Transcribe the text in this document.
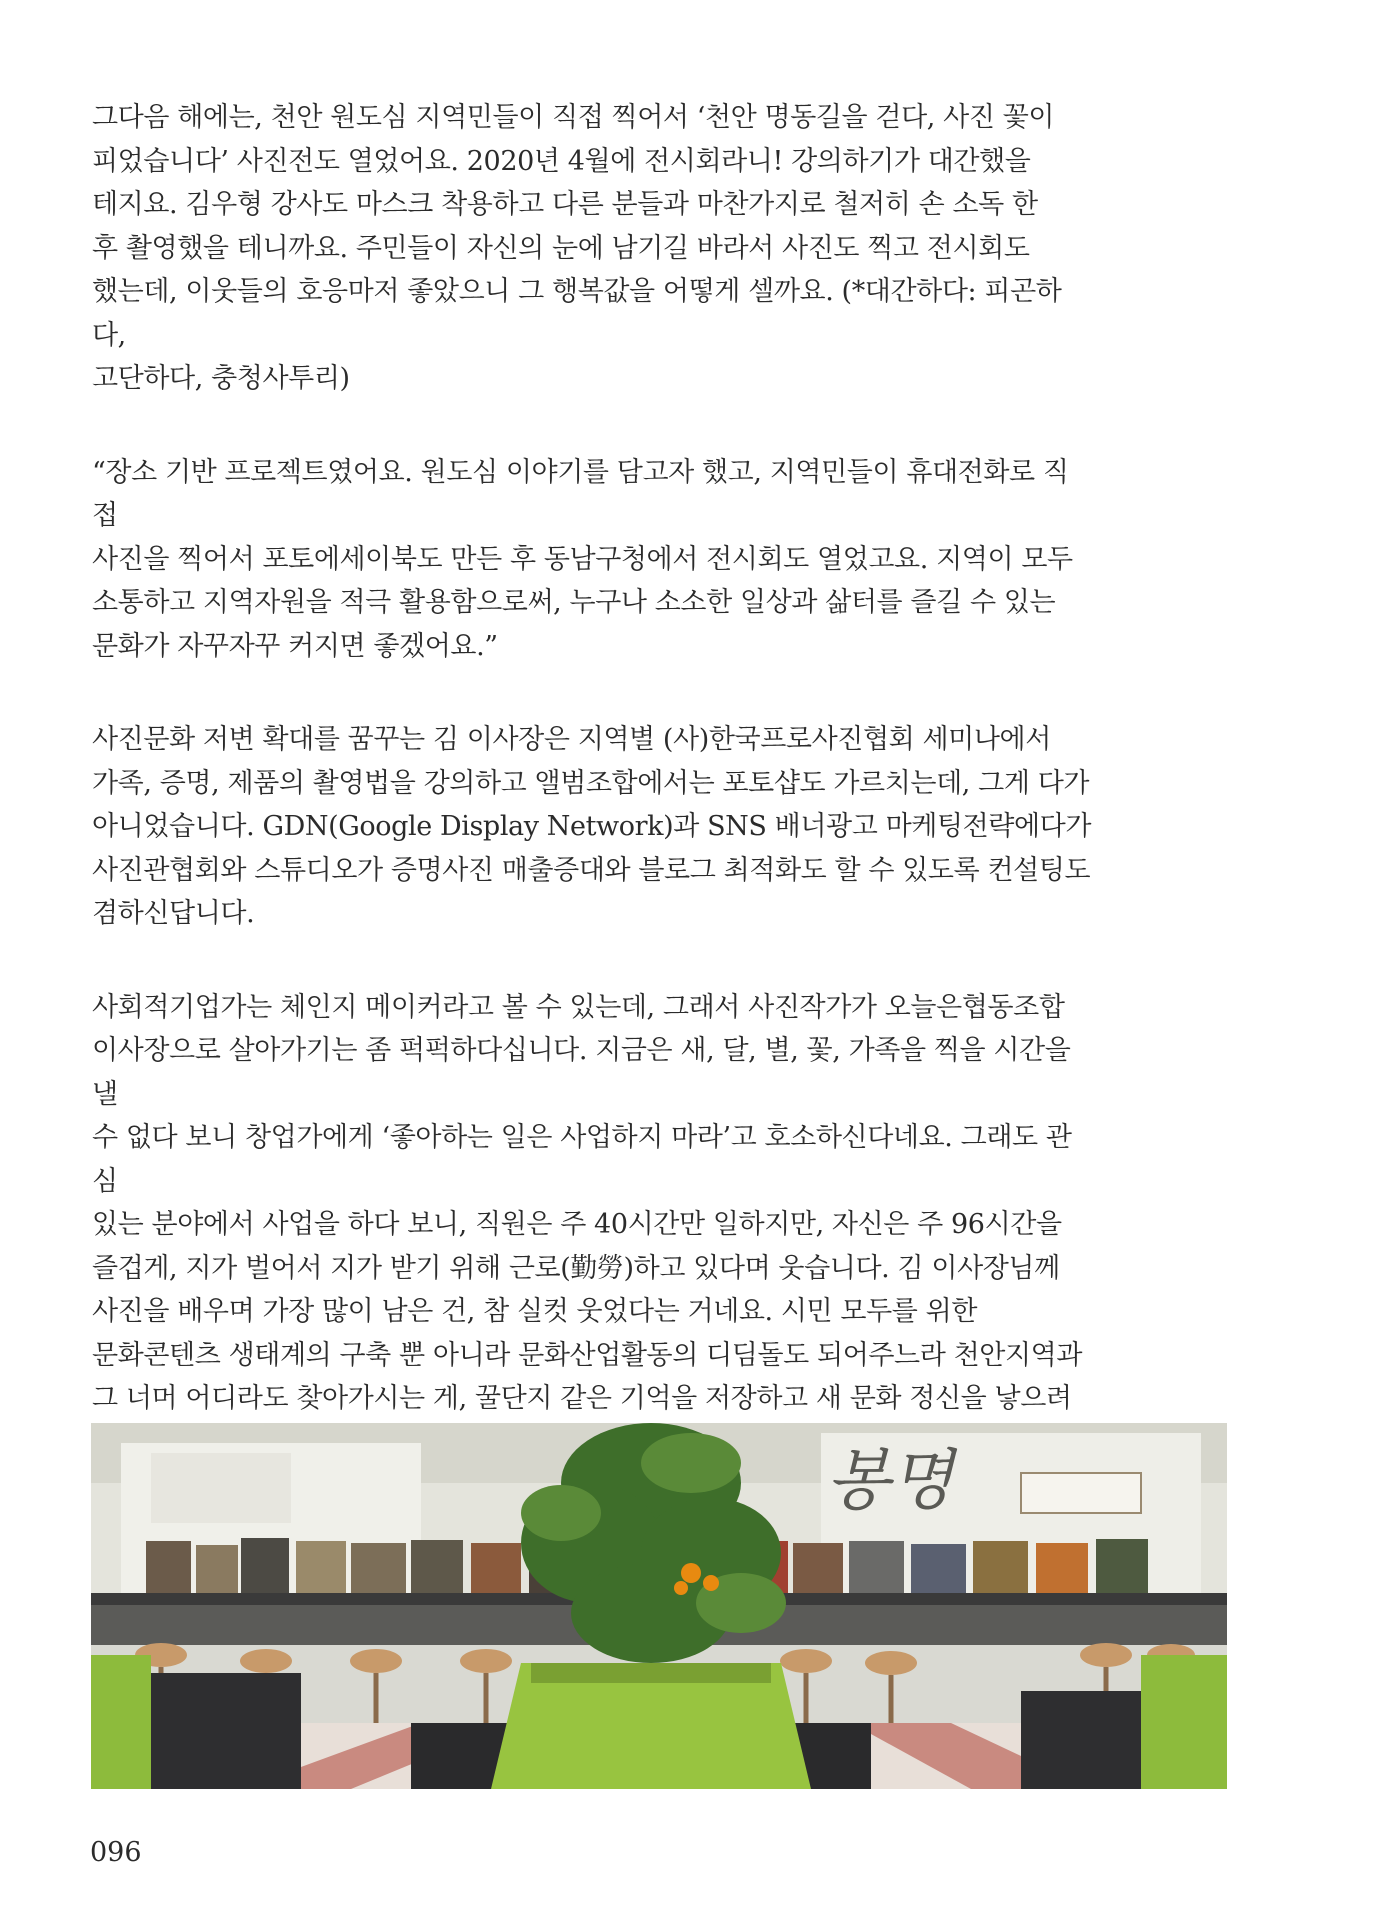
그다음 해에는, 천안 원도심 지역민들이 직접 찍어서 ‘천안 명동길을 걷다, 사진 꽃이
피었습니다’ 사진전도 열었어요. 2020년 4월에 전시회라니! 강의하기가 대간했을
테지요. 김우형 강사도 마스크 착용하고 다른 분들과 마찬가지로 철저히 손 소독 한
후 촬영했을 테니까요. 주민들이 자신의 눈에 남기길 바라서 사진도 찍고 전시회도
했는데, 이웃들의 호응마저 좋았으니 그 행복값을 어떻게 셀까요. (*대간하다: 피곤하다,
고단하다, 충청사투리)

“장소 기반 프로젝트였어요. 원도심 이야기를 담고자 했고, 지역민들이 휴대전화로 직접
사진을 찍어서 포토에세이북도 만든 후 동남구청에서 전시회도 열었고요. 지역이 모두
소통하고 지역자원을 적극 활용함으로써, 누구나 소소한 일상과 삶터를 즐길 수 있는
문화가 자꾸자꾸 커지면 좋겠어요.”

사진문화 저변 확대를 꿈꾸는 김 이사장은 지역별 (사)한국프로사진협회 세미나에서
가족, 증명, 제품의 촬영법을 강의하고 앨범조합에서는 포토샵도 가르치는데, 그게 다가
아니었습니다. GDN(Google Display Network)과 SNS 배너광고 마케팅전략에다가
사진관협회와 스튜디오가 증명사진 매출증대와 블로그 최적화도 할 수 있도록 컨설팅도
겸하신답니다.

사회적기업가는 체인지 메이커라고 볼 수 있는데, 그래서 사진작가가 오늘은협동조합
이사장으로 살아가기는 좀 퍽퍽하다십니다. 지금은 새, 달, 별, 꽃, 가족을 찍을 시간을 낼
수 없다 보니 창업가에게 ‘좋아하는 일은 사업하지 마라’고 호소하신다네요. 그래도 관심
있는 분야에서 사업을 하다 보니, 직원은 주 40시간만 일하지만, 자신은 주 96시간을
즐겁게, 지가 벌어서 지가 받기 위해 근로(勤勞)하고 있다며 웃습니다. 김 이사장님께
사진을 배우며 가장 많이 남은 건, 참 실컷 웃었다는 거네요. 시민 모두를 위한
문화콘텐츠 생태계의 구축 뿐 아니라 문화산업활동의 디딤돌도 되어주느라 천안지역과
그 너머 어디라도 찾아가시는 게, 꿀단지 같은 기억을 저장하고 새 문화 정신을 낳으려

봉명
096
